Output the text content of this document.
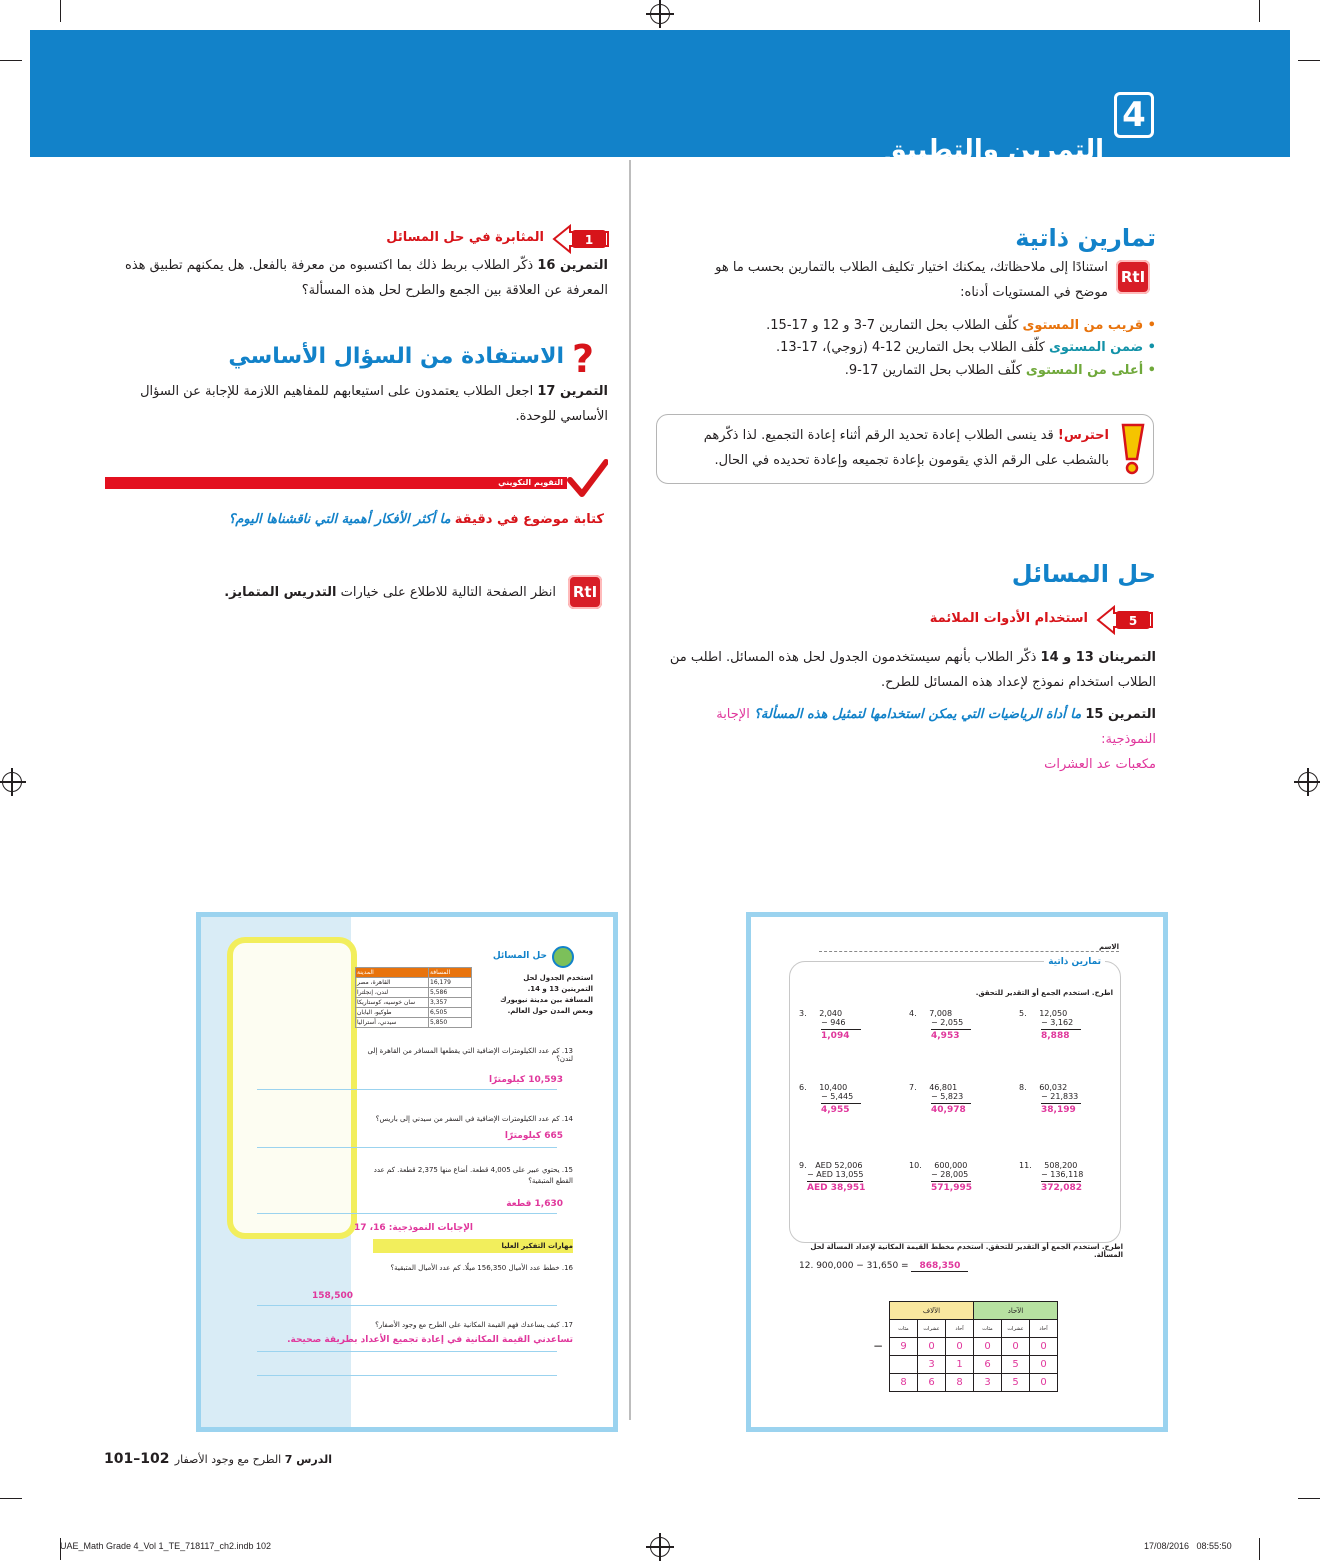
4
التمرين والتطبيق
تمارين ذاتية
RtI
استنادًا إلى ملاحظاتك، يمكنك اختيار تكليف الطلاب بالتمارين بحسب ما هو
موضح في المستويات أدناه:
• قريب من المستوى كلّف الطلاب بحل التمارين 7-3 و 12 و 17-15.
• ضمن المستوى كلّف الطلاب بحل التمارين 12-4 (زوجي)، 17-13.
• أعلى من المستوى كلّف الطلاب بحل التمارين 17-9.
احترس! قد ينسى الطلاب إعادة تحديد الرقم أثناء إعادة التجميع. لذا ذكّرهم
بالشطب على الرقم الذي يقومون بإعادة تجميعه وإعادة تحديده في الحال.
حل المسائل
5
استخدام الأدوات الملائمة
التمرينان 13 و 14 ذكّر الطلاب بأنهم سيستخدمون الجدول لحل هذه المسائل. اطلب من
الطلاب استخدام نموذج لإعداد هذه المسائل للطرح.
التمرين 15 ما أداة الرياضيات التي يمكن استخدامها لتمثيل هذه المسألة؟ الإجابة النموذجية:
مكعبات عد العشرات
1
المثابرة في حل المسائل
التمرين 16 ذكّر الطلاب بربط ذلك بما اكتسبوه من معرفة بالفعل. هل يمكنهم تطبيق هذه
المعرفة عن العلاقة بين الجمع والطرح لحل هذه المسألة؟
?
الاستفادة من السؤال الأساسي
التمرين 17 اجعل الطلاب يعتمدون على استيعابهم للمفاهيم اللازمة للإجابة عن السؤال
الأساسي للوحدة.
التقويم التكويني
كتابة موضوع في دقيقة ما أكثر الأفكار أهمية التي ناقشناها اليوم؟
RtI
انظر الصفحة التالية للاطلاع على خيارات التدريس المتمايز.
الاسم
تمارين ذاتية
اطرح. استخدم الجمع أو التقدير للتحقق.
3. 2,040
− 946
1,094
4. 7,008
− 2,055
4,953
5. 12,050
− 3,162
8,888
6. 10,400
− 5,445
4,955
7. 46,801
− 5,823
40,978
8. 60,032
− 21,833
38,199
9. AED 52,006
− AED 13,055
AED 38,951
10. 600,000
− 28,005
571,995
11. 508,200
− 136,118
372,082
اطرح. استخدم الجمع أو التقدير للتحقق. استخدم مخطط القيمة المكانية لإعداد المسألة لحل المسألة.
12. 900,000 − 31,650 = 868,350
الآلاف			الآحاد		
مئات	عشرات	آحاد	مئات	عشرات	آحاد
9	0	0	0	0	0
	3	1	6	5	0
8	6	8	3	5	0
−
حل المسائل
استخدم الجدول لحل التمرينين 13 و 14. المسافة بين مدينة نيويورك وبعض المدن حول العالم.
المدينة	المسافة
القاهرة، مصر	16,179
لندن، إنجلترا	5,586
سان خوسيه، كوستاريكا	3,357
طوكيو، اليابان	6,505
سيدني، أستراليا	5,850
13. كم عدد الكيلومترات الإضافية التي يقطعها المسافر من القاهرة إلى لندن؟
10,593 كيلومترًا
14. كم عدد الكيلومترات الإضافية في السفر من سيدني إلى باريس؟
665 كيلومترًا
15. يحتوي عبير على 4,005 قطعة. أضاع منها 2,375 قطعة. كم عدد القطع المتبقية؟
1,630 قطعة
الإجابات النموذجية: 16، 17
مهارات التفكير العليا
16. خطط عدد الأميال 156,350 ميلًا. كم عدد الأميال المتبقية؟
158,500
17. كيف يساعدك فهم القيمة المكانية على الطرح مع وجود الأصفار؟
تساعدني القيمة المكانية في إعادة تجميع الأعداد بطريقة صحيحة.
101–102	الدرس 7 الطرح مع وجود الأصفار
UAE_Math Grade 4_Vol 1_TE_718117_ch2.indb 102	17/08/2016   08:55:50
